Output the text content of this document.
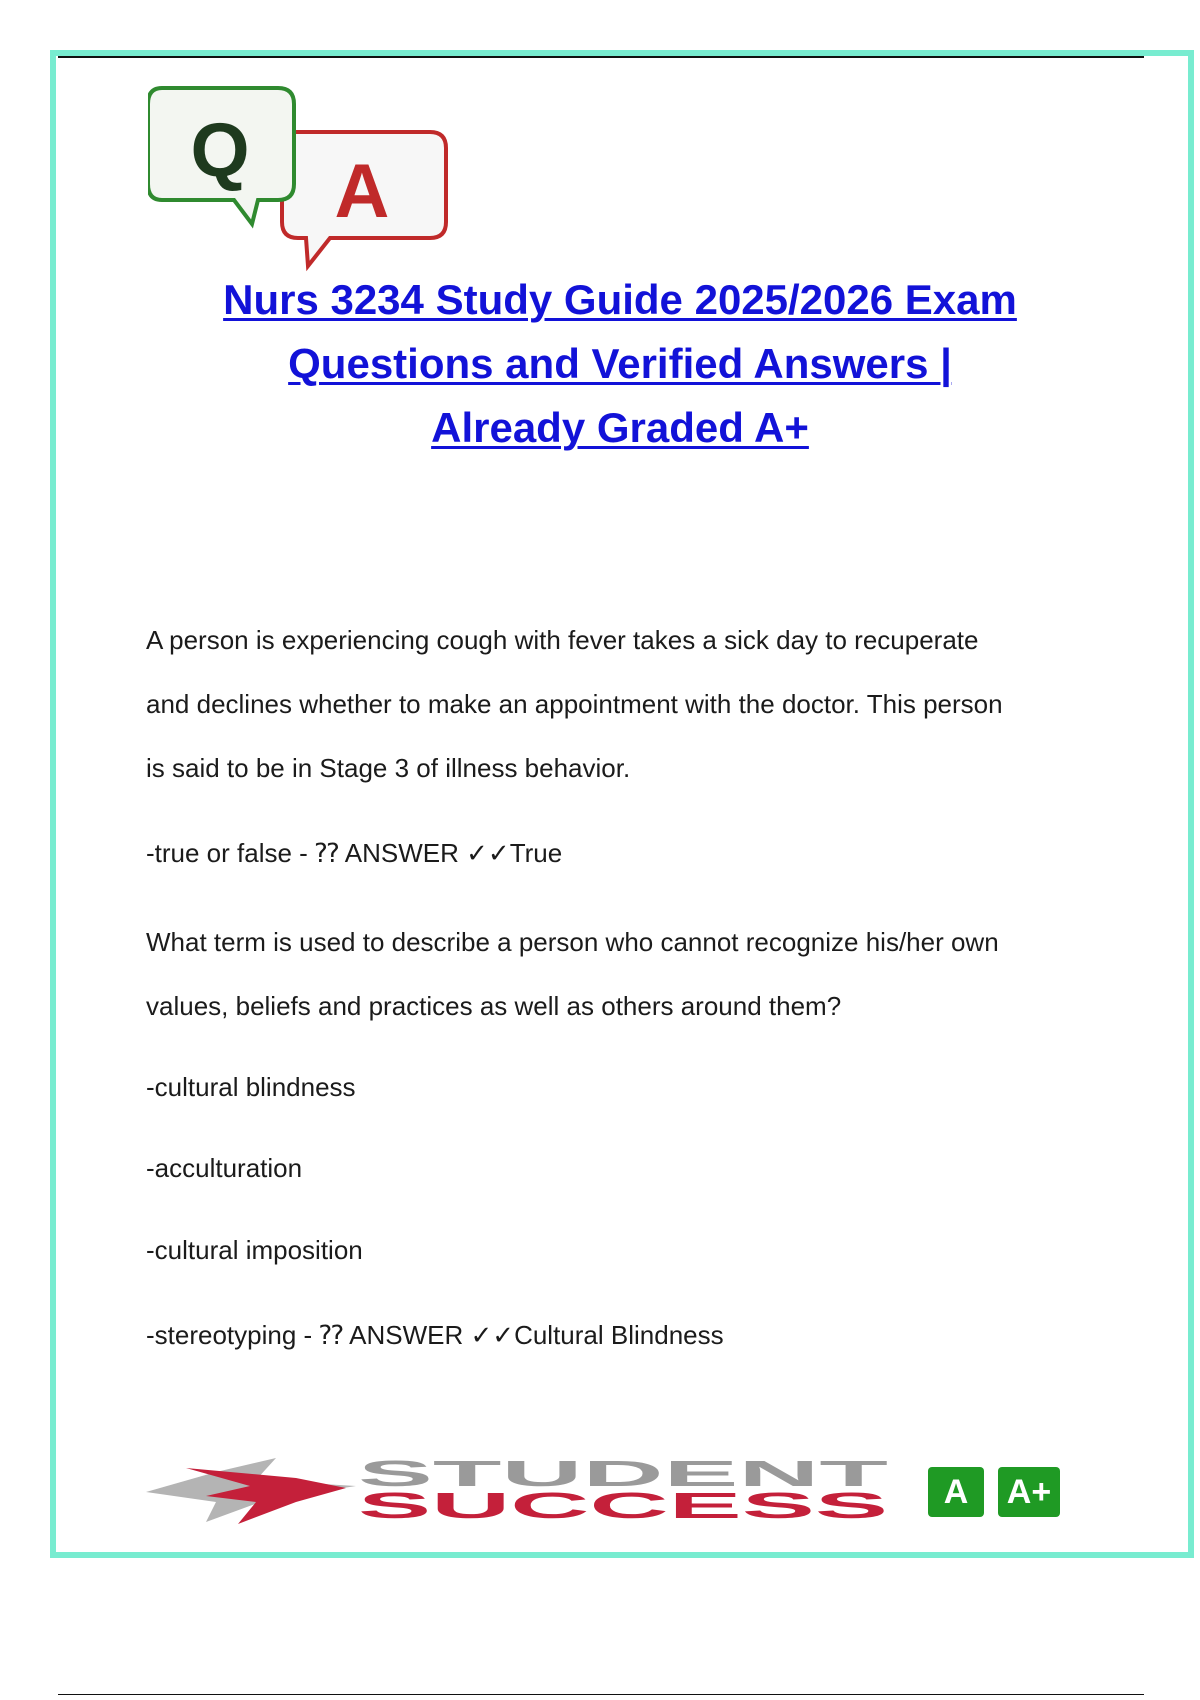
A
Q
Nurs 3234 Study Guide 2025/2026 Exam
Questions and Verified Answers |
Already Graded A+

A person is experiencing cough with fever takes a sick day to recuperate

and declines whether to make an appointment with the doctor. This person

is said to be in Stage 3 of illness behavior.

-true or false - ⁇ ANSWER ✓✓True

What term is used to describe a person who cannot recognize his/her own

values, beliefs and practices as well as others around them?

-cultural blindness

-acculturation

-cultural imposition

-stereotyping - ⁇ ANSWER ✓✓Cultural Blindness

STUDENT
SUCCESS	A	A+
